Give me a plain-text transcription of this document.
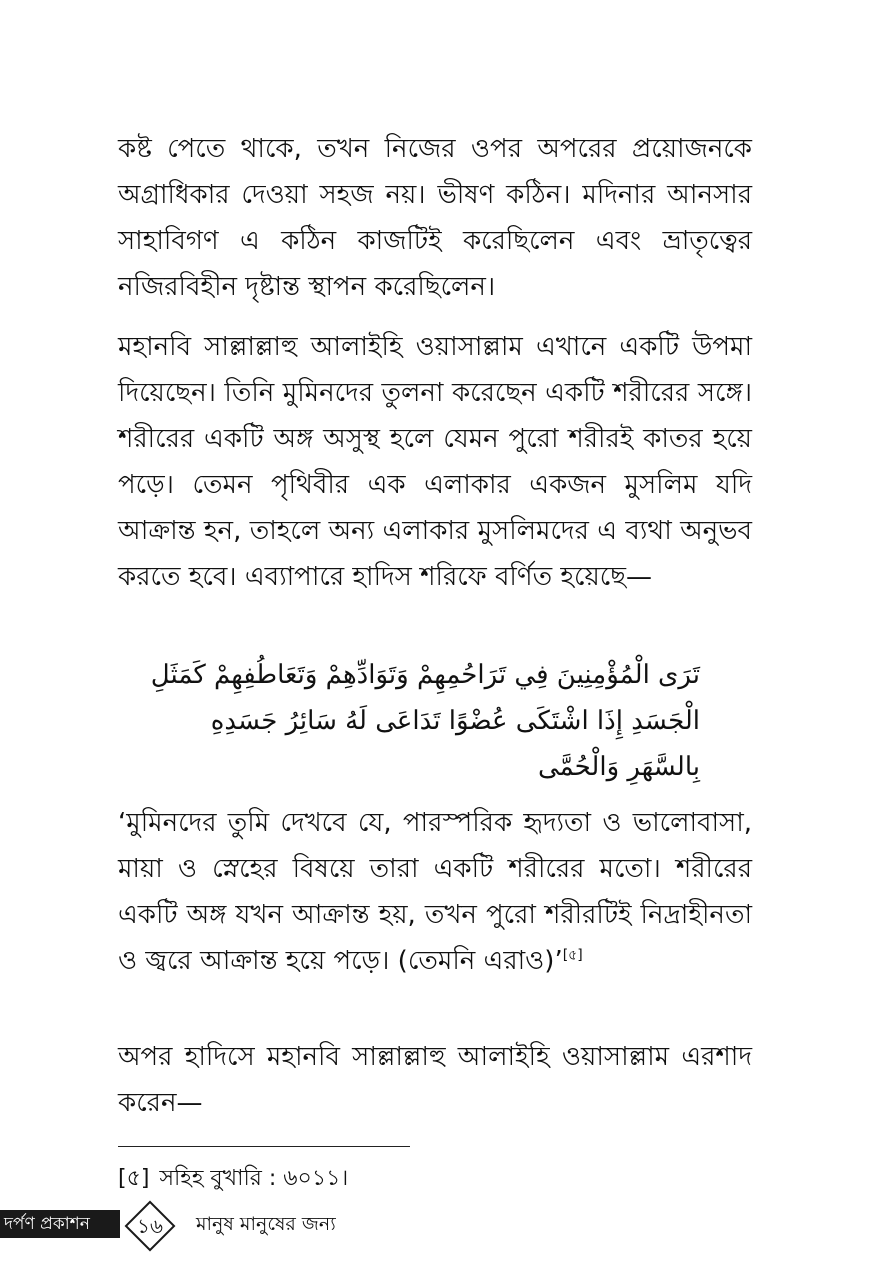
কষ্ট পেতে থাকে, তখন নিজের ওপর অপরের প্রয়োজনকে অগ্রাধিকার দেওয়া সহজ নয়। ভীষণ কঠিন। মদিনার আনসার সাহাবিগণ এ কঠিন কাজটিই করেছিলেন এবং ভ্রাতৃত্বের নজিরবিহীন দৃষ্টান্ত স্থাপন করেছিলেন।

মহানবি সাল্লাল্লাহু আলাইহি ওয়াসাল্লাম এখানে একটি উপমা দিয়েছেন। তিনি মুমিনদের তুলনা করেছেন একটি শরীরের সঙ্গে। শরীরের একটি অঙ্গ অসুস্থ হলে যেমন পুরো শরীরই কাতর হয়ে পড়ে। তেমন পৃথিবীর এক এলাকার একজন মুসলিম যদি আক্রান্ত হন, তাহলে অন্য এলাকার মুসলিমদের এ ব্যথা অনুভব করতে হবে। এব্যাপারে হাদিস শরিফে বর্ণিত হয়েছে—

تَرَى الْمُؤْمِنِينَ فِي تَرَاحُمِهِمْ وَتَوَادِّهِمْ وَتَعَاطُفِهِمْ كَمَثَلِ
الْجَسَدِ إِذَا اشْتَكَى عُضْوًا تَدَاعَى لَهُ سَائِرُ جَسَدِهِ
بِالسَّهَرِ وَالْحُمَّى

‘মুমিনদের তুমি দেখবে যে, পারস্পরিক হৃদ্যতা ও ভালোবাসা, মায়া ও স্নেহের বিষয়ে তারা একটি শরীরের মতো। শরীরের একটি অঙ্গ যখন আক্রান্ত হয়, তখন পুরো শরীরটিই নিদ্রাহীনতা ও জ্বরে আক্রান্ত হয়ে পড়ে। (তেমনি এরাও)’[৫]

অপর হাদিসে মহানবি সাল্লাল্লাহু আলাইহি ওয়াসাল্লাম এরশাদ করেন—

[৫] সহিহ বুখারি : ৬০১১।
দর্পণ প্রকাশন	১৬	মানুষ মানুষের জন্য
